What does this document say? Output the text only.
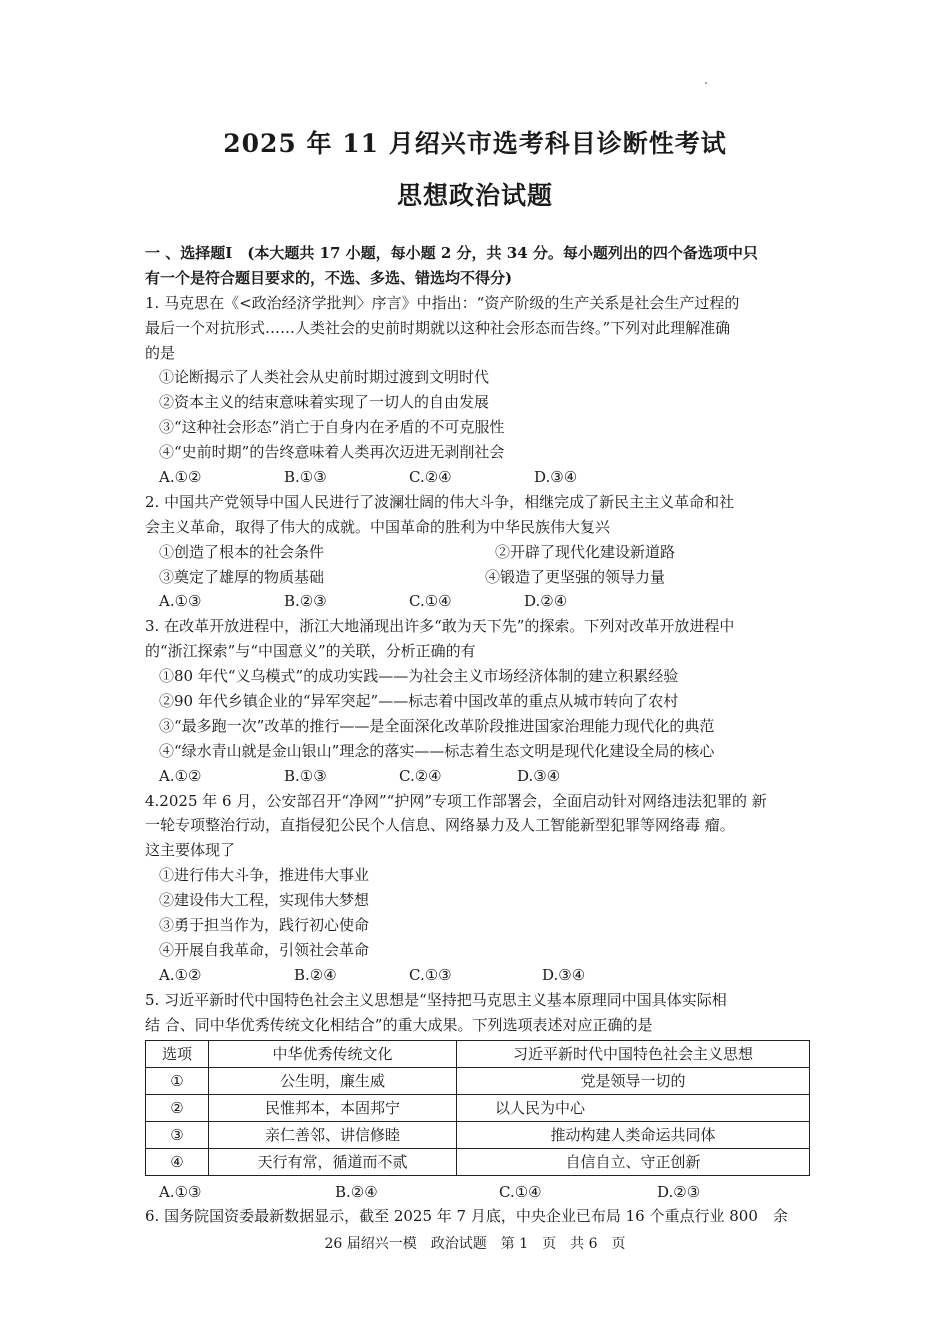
2025 年 11 月绍兴市选考科目诊断性考试
思想政治试题
一 、选择题Ⅰ　(本大题共 17 小题，每小题 2 分，共 34 分。每小题列出的四个备选项中只
有一个是符合题目要求的，不选、多选、错选均不得分)
1. 马克思在《<政治经济学批判〉序言》中指出：“资产阶级的生产关系是社会生产过程的
最后一个对抗形式……人类社会的史前时期就以这种社会形态而告终。”下列对此理解准确
的是
①论断揭示了人类社会从史前时期过渡到文明时代
②资本主义的结束意味着实现了一切人的自由发展
③“这种社会形态”消亡于自身内在矛盾的不可克服性
④“史前时期”的告终意味着人类再次迈进无剥削社会
A.①②	B.①③	C.②④	D.③④
2. 中国共产党领导中国人民进行了波澜壮阔的伟大斗争，相继完成了新民主主义革命和社
会主义革命，取得了伟大的成就。中国革命的胜利为中华民族伟大复兴
①创造了根本的社会条件	②开辟了现代化建设新道路
③奠定了雄厚的物质基础	④锻造了更坚强的领导力量
A.①③	B.②③	C.①④	D.②④
3. 在改革开放进程中，浙江大地涌现出许多“敢为天下先”的探索。下列对改革开放进程中
的“浙江探索”与“中国意义”的关联，分析正确的有
①80 年代“义乌模式”的成功实践——为社会主义市场经济体制的建立积累经验
②90 年代乡镇企业的“异军突起”——标志着中国改革的重点从城市转向了农村
③“最多跑一次”改革的推行——是全面深化改革阶段推进国家治理能力现代化的典范
④“绿水青山就是金山银山”理念的落实——标志着生态文明是现代化建设全局的核心
A.①②	B.①③	C.②④	D.③④
4.2025 年 6 月，公安部召开“净网”“护网”专项工作部署会，全面启动针对网络违法犯罪的 新
一轮专项整治行动，直指侵犯公民个人信息、网络暴力及人工智能新型犯罪等网络毒 瘤。
这主要体现了
①进行伟大斗争，推进伟大事业
②建设伟大工程，实现伟大梦想
③勇于担当作为，践行初心使命
④开展自我革命，引领社会革命
A.①②	B.②④	C.①③	D.③④
5. 习近平新时代中国特色社会主义思想是“坚持把马克思主义基本原理同中国具体实际相
结 合、同中华优秀传统文化相结合”的重大成果。下列选项表述对应正确的是
选项	中华优秀传统文化	习近平新时代中国特色社会主义思想
①	公生明，廉生威	党是领导一切的
②	民惟邦本，本固邦宁	以人民为中心
③	亲仁善邻、讲信修睦	推动构建人类命运共同体
④	天行有常，循道而不贰	自信自立、守正创新
A.①③	B.②④	C.①④	D.②③
6. 国务院国资委最新数据显示，截至 2025 年 7 月底，中央企业已布局 16 个重点行业 800　余
26 届绍兴一模　政治试题　第 1　页　共 6　页
